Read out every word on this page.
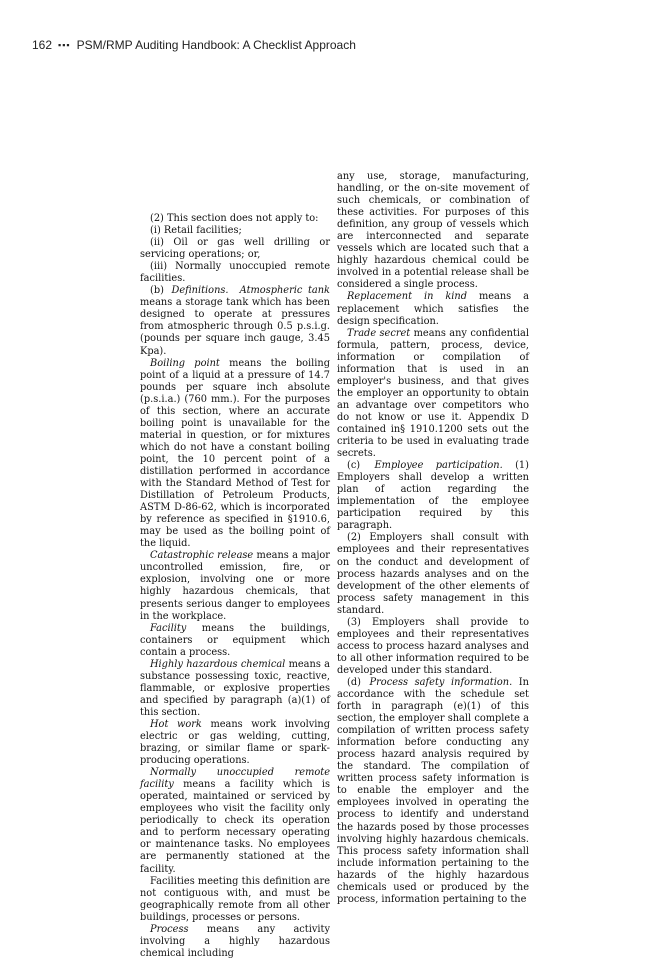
162 ▪▪▪ PSM/RMP Auditing Handbook: A Checklist Approach

(2) This section does not apply to:

(i) Retail facilities;

(ii) Oil or gas well drilling or servicing operations; or,

(iii) Normally unoccupied remote facilities.

(b) Definitions. Atmospheric tank means a storage tank which has been designed to operate at pressures from atmospheric through 0.5 p.s.i.g. (pounds per square inch gauge, 3.45 Kpa).

Boiling point means the boiling point of a liquid at a pressure of 14.7 pounds per square inch absolute (p.s.i.a.) (760 mm.). For the purposes of this section, where an accurate boiling point is unavailable for the material in question, or for mixtures which do not have a constant boiling point, the 10 percent point of a distillation performed in accordance with the Standard Method of Test for Distillation of Petroleum Products, ASTM D-86-62, which is incorporated by reference as specified in §1910.6, may be used as the boiling point of the liquid.

Catastrophic release means a major uncontrolled emission, fire, or explosion, involving one or more highly hazardous chemicals, that presents serious danger to employees in the workplace.

Facility means the buildings, containers or equipment which contain a process.

Highly hazardous chemical means a substance possessing toxic, reactive, flammable, or explosive properties and specified by paragraph (a)(1) of this section.

Hot work means work involving electric or gas welding, cutting, brazing, or similar flame or spark-producing operations.

Normally unoccupied remote facility means a facility which is operated, maintained or serviced by employees who visit the facility only periodically to check its operation and to perform necessary operating or maintenance tasks. No employees are permanently stationed at the facility.

Facilities meeting this definition are not contiguous with, and must be geographically remote from all other buildings, processes or persons.

Process means any activity involving a highly hazardous chemical including

any use, storage, manufacturing, handling, or the on-site movement of such chemicals, or combination of these activities. For purposes of this definition, any group of vessels which are interconnected and separate vessels which are located such that a highly hazardous chemical could be involved in a potential release shall be considered a single process.

Replacement in kind means a replacement which satisfies the design specification.

Trade secret means any confidential formula, pattern, process, device, information or compilation of information that is used in an employer's business, and that gives the employer an opportunity to obtain an advantage over competitors who do not know or use it. Appendix D contained in§ 1910.1200 sets out the criteria to be used in evaluating trade secrets.

(c) Employee participation. (1) Employers shall develop a written plan of action regarding the implementation of the employee participation required by this paragraph.

(2) Employers shall consult with employees and their representatives on the conduct and development of process hazards analyses and on the development of the other elements of process safety management in this standard.

(3) Employers shall provide to employees and their representatives access to process hazard analyses and to all other information required to be developed under this standard.

(d) Process safety information. In accordance with the schedule set forth in paragraph (e)(1) of this section, the employer shall complete a compilation of written process safety information before conducting any process hazard analysis required by the standard. The compilation of written process safety information is to enable the employer and the employees involved in operating the process to identify and understand the hazards posed by those processes involving highly hazardous chemicals. This process safety information shall include information pertaining to the hazards of the highly hazardous chemicals used or produced by the process, information pertaining to the
